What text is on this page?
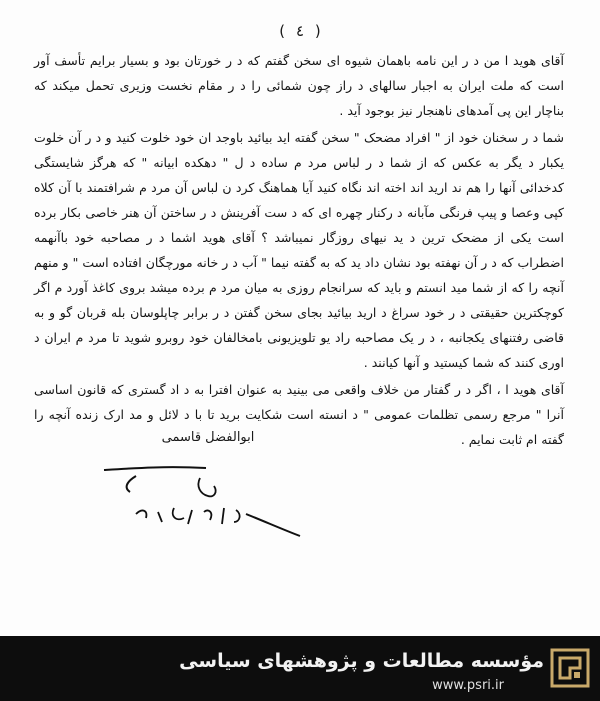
( ٤ )

آقای هوید ا من د ر این نامه باهمان شیوه ای سخن گفتم که د ر خورتان بود و بسیار برایم تأسف آور است که ملت ایران به اجبار سالهای د راز چون شمائی را د ر مقام نخست وزیری تحمل میکند که بناچار این پی آمدهای ناهنجار نیز بوجود آید .

شما د ر سخنان خود از " افراد مضحک " سخن گفته اید بیائید باوجد ان خود خلوت کنید و د ر آن خلوت یکبار د یگر به عکس که از شما د ر لباس مرد م ساده د ل " دهکده ابیانه " که هرگز شایستگی کدخدائی آنها را هم ند ارید اند اخته اند نگاه کنید آیا هماهنگ کرد ن لباس آن مرد م شرافتمند با آن کلاه کپی وعصا و پیپ فرنگی مآبانه د رکنار چهره ای که د ست آفرینش د ر ساختن آن هنر خاصی بکار برده است یکی از مضحک ترین د ید نیهای روزگار نمیباشد ؟ آقای هوید اشما د ر مصاحبه خود باآنهمه اضطراب که د ر آن نهفته بود نشان داد ید که به گفته نیما " آب د ر خانه مورچگان افتاده است " و منهم آنچه را که از شما مید انستم و باید که سرانجام روزی به میان مرد م برده میشد بروی کاغذ آورد م اگر کوچکترین حقیقتی د ر خود سراغ د ارید بیائید بجای سخن گفتن د ر برابر چاپلوسان بله قربان گو و به قاضی رفتنهای یکجانبه ، د ر یک مصاحبه راد یو تلویزیونی بامخالفان خود روبرو شوید تا مرد م ایران د اوری کنند که شما کیستید و آنها کیانند .

آقای هوید ا ، اگر د ر گفتار من خلاف واقعی می بینید به عنوان افترا به د اد گستری که قانون اساسی آنرا " مرجع رسمی تظلمات عمومی " د انسته است شکایت برید تا با د لائل و مد ارک زنده آنچه را گفته ام ثابت نمایم .

ابوالفضل قاسمی
مؤسسه مطالعات و پژوهشهای سیاسی
www.psri.ir
